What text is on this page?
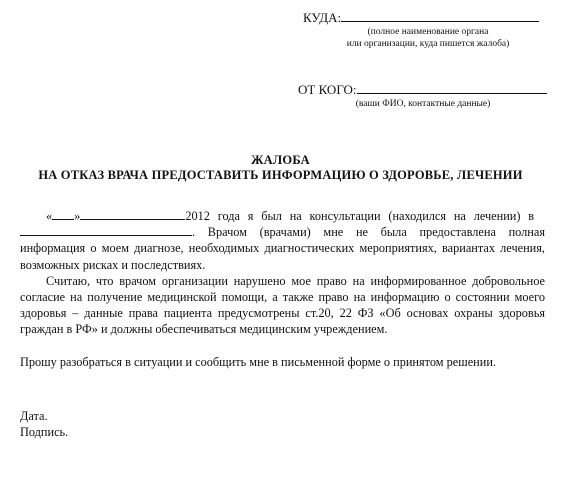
КУДА:
(полное наименование органа
или организации, куда пишется жалоба)
ОТ КОГО:
(ваши ФИО, контактные данные)
ЖАЛОБА
НА ОТКАЗ ВРАЧА ПРЕДОСТАВИТЬ ИНФОРМАЦИЮ О ЗДОРОВЬЕ, ЛЕЧЕНИИ

« »	2012 года я был на консультации (находился на лечении) в  . Врачом (врачами) мне не была предоставлена полная информация о моем диагнозе, необходимых диагностических мероприятиях, вариантах лечения, возможных рисках и последствиях.

Считаю, что врачом организации нарушено мое право на информированное добровольное согласие на получение медицинской помощи, а также право на информацию о состоянии моего здоровья – данные права пациента предусмотрены ст.20, 22 ФЗ «Об основах охраны здоровья граждан в РФ» и должны обеспечиваться медицинским учреждением.

Прошу разобраться в ситуации и сообщить мне в письменной форме о принятом решении.

Дата.

Подпись.
